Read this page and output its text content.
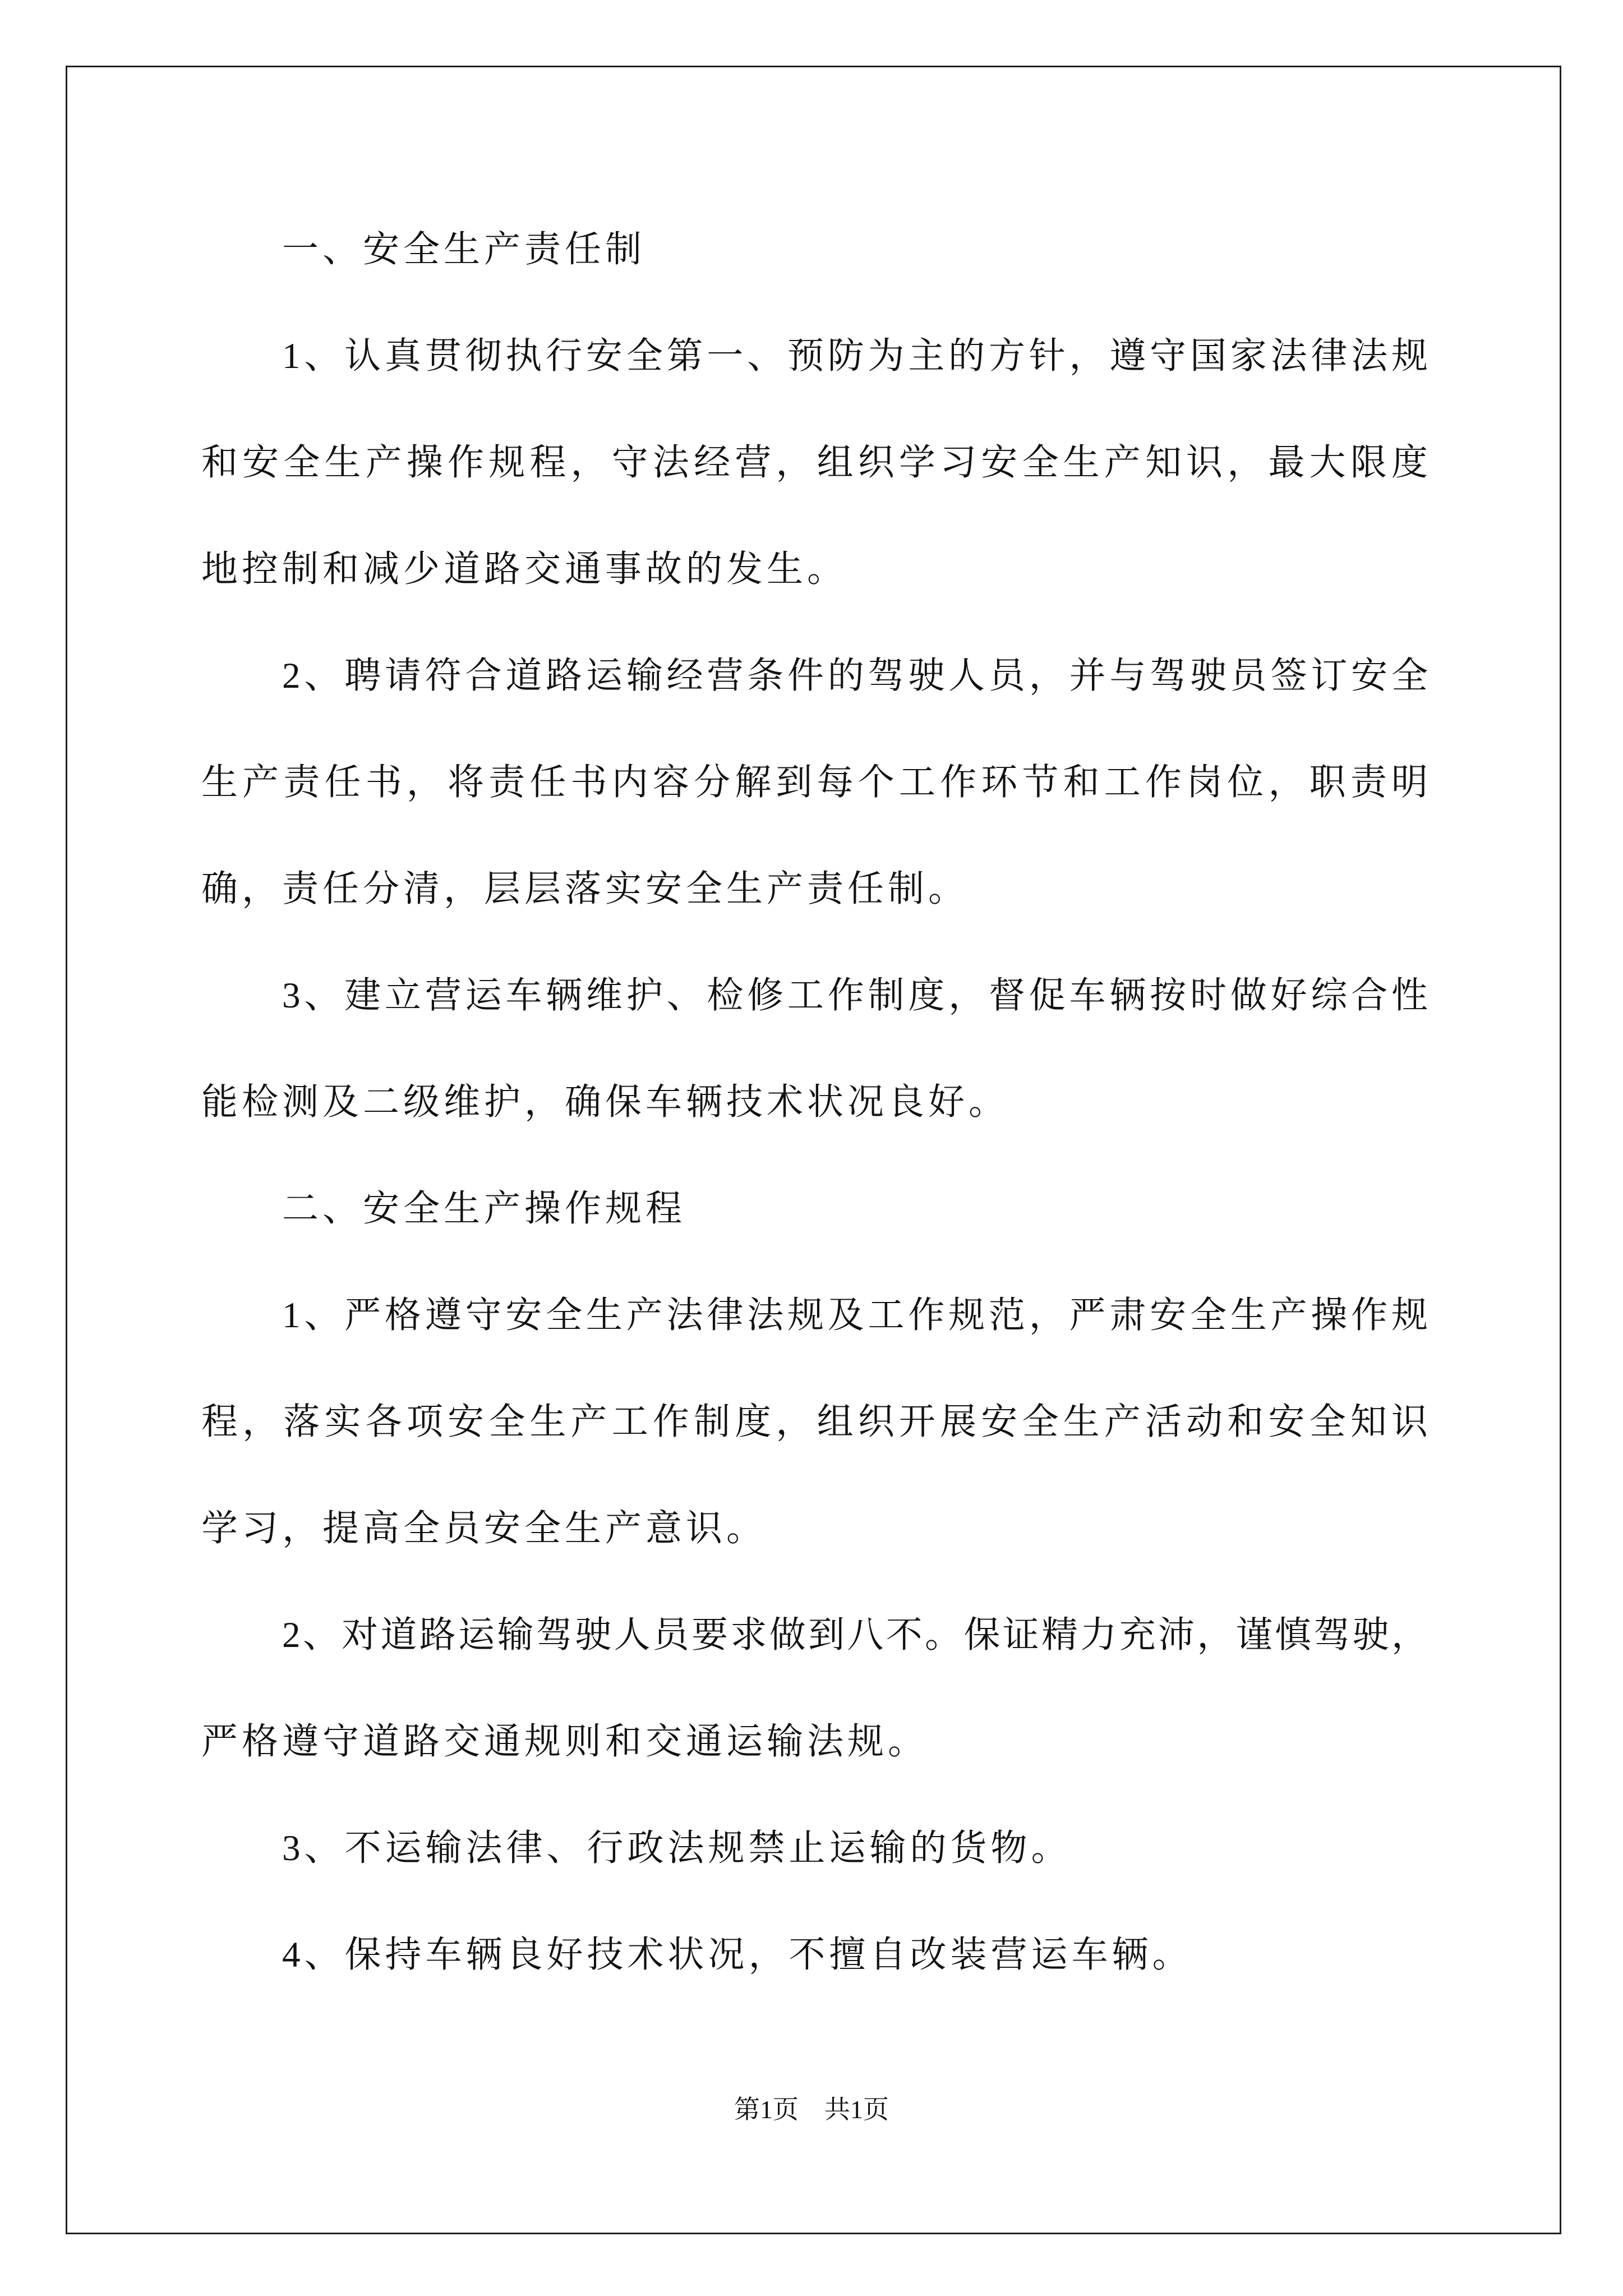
一、安全生产责任制
1、认真贯彻执行安全第一、预防为主的方针，遵守国家法律法规
和安全生产操作规程，守法经营，组织学习安全生产知识，最大限度
地控制和减少道路交通事故的发生。
2、聘请符合道路运输经营条件的驾驶人员，并与驾驶员签订安全
生产责任书，将责任书内容分解到每个工作环节和工作岗位，职责明
确，责任分清，层层落实安全生产责任制。
3、建立营运车辆维护、检修工作制度，督促车辆按时做好综合性
能检测及二级维护，确保车辆技术状况良好。
二、安全生产操作规程
1、严格遵守安全生产法律法规及工作规范，严肃安全生产操作规
程，落实各项安全生产工作制度，组织开展安全生产活动和安全知识
学习，提高全员安全生产意识。
2、对道路运输驾驶人员要求做到八不。保证精力充沛，谨慎驾驶，
严格遵守道路交通规则和交通运输法规。
3、不运输法律、行政法规禁止运输的货物。
4、保持车辆良好技术状况，不擅自改装营运车辆。
第1页 共1页
